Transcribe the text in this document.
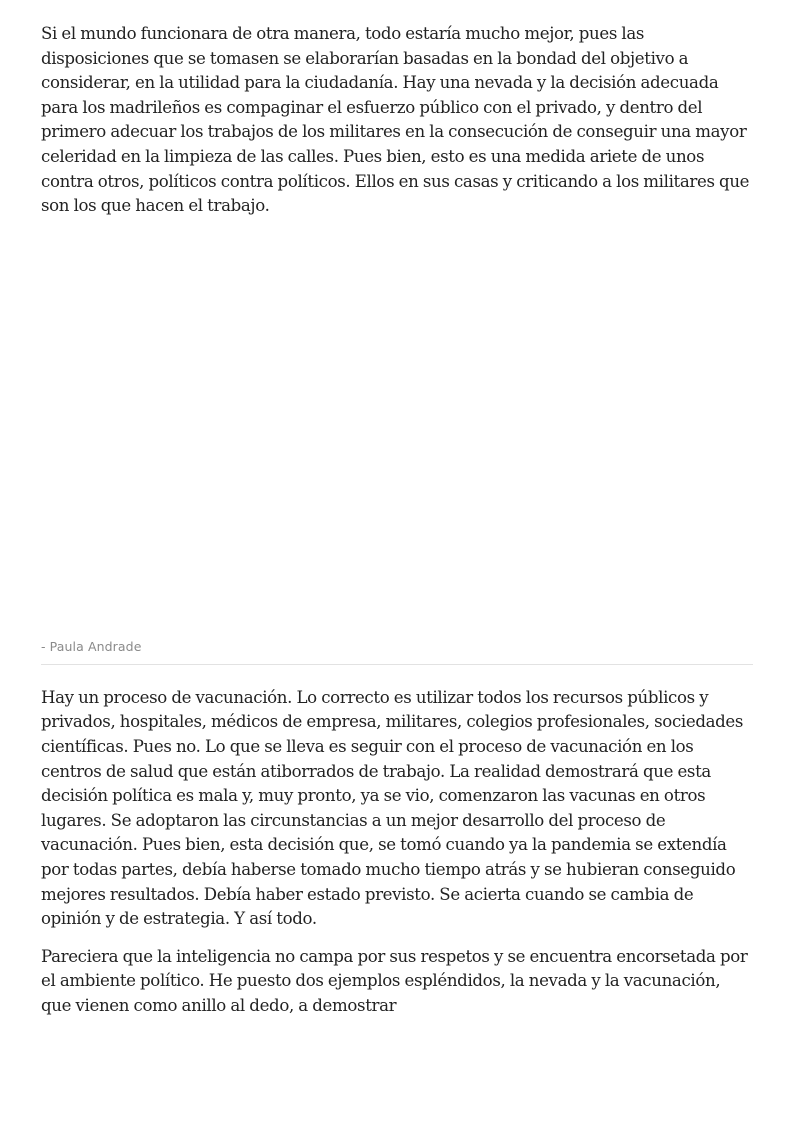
Si el mundo funcionara de otra manera, todo estaría mucho mejor, pues las disposiciones que se tomasen se elaborarían basadas en la bondad del objetivo a considerar, en la utilidad para la ciudadanía. Hay una nevada y la decisión adecuada para los madrileños es compaginar el esfuerzo público con el privado, y dentro del primero adecuar los trabajos de los militares en la consecución de conseguir una mayor celeridad en la limpieza de las calles. Pues bien, esto es una medida ariete de unos contra otros, políticos contra políticos. Ellos en sus casas y criticando a los militares que son los que hacen el trabajo.

- Paula Andrade

Hay un proceso de vacunación. Lo correcto es utilizar todos los recursos públicos y privados, hospitales, médicos de empresa, militares, colegios profesionales, sociedades científicas. Pues no. Lo que se lleva es seguir con el proceso de vacunación en los centros de salud que están atiborrados de trabajo. La realidad demostrará que esta decisión política es mala y, muy pronto, ya se vio, comenzaron las vacunas en otros lugares. Se adoptaron las circunstancias a un mejor desarrollo del proceso de vacunación. Pues bien, esta decisión que, se tomó cuando ya la pandemia se extendía por todas partes, debía haberse tomado mucho tiempo atrás y se hubieran conseguido mejores resultados. Debía haber estado previsto. Se acierta cuando se cambia de opinión y de estrategia. Y así todo.

Pareciera que la inteligencia no campa por sus respetos y se encuentra encorsetada por el ambiente político. He puesto dos ejemplos espléndidos, la nevada y la vacunación, que vienen como anillo al dedo, a demostrar
